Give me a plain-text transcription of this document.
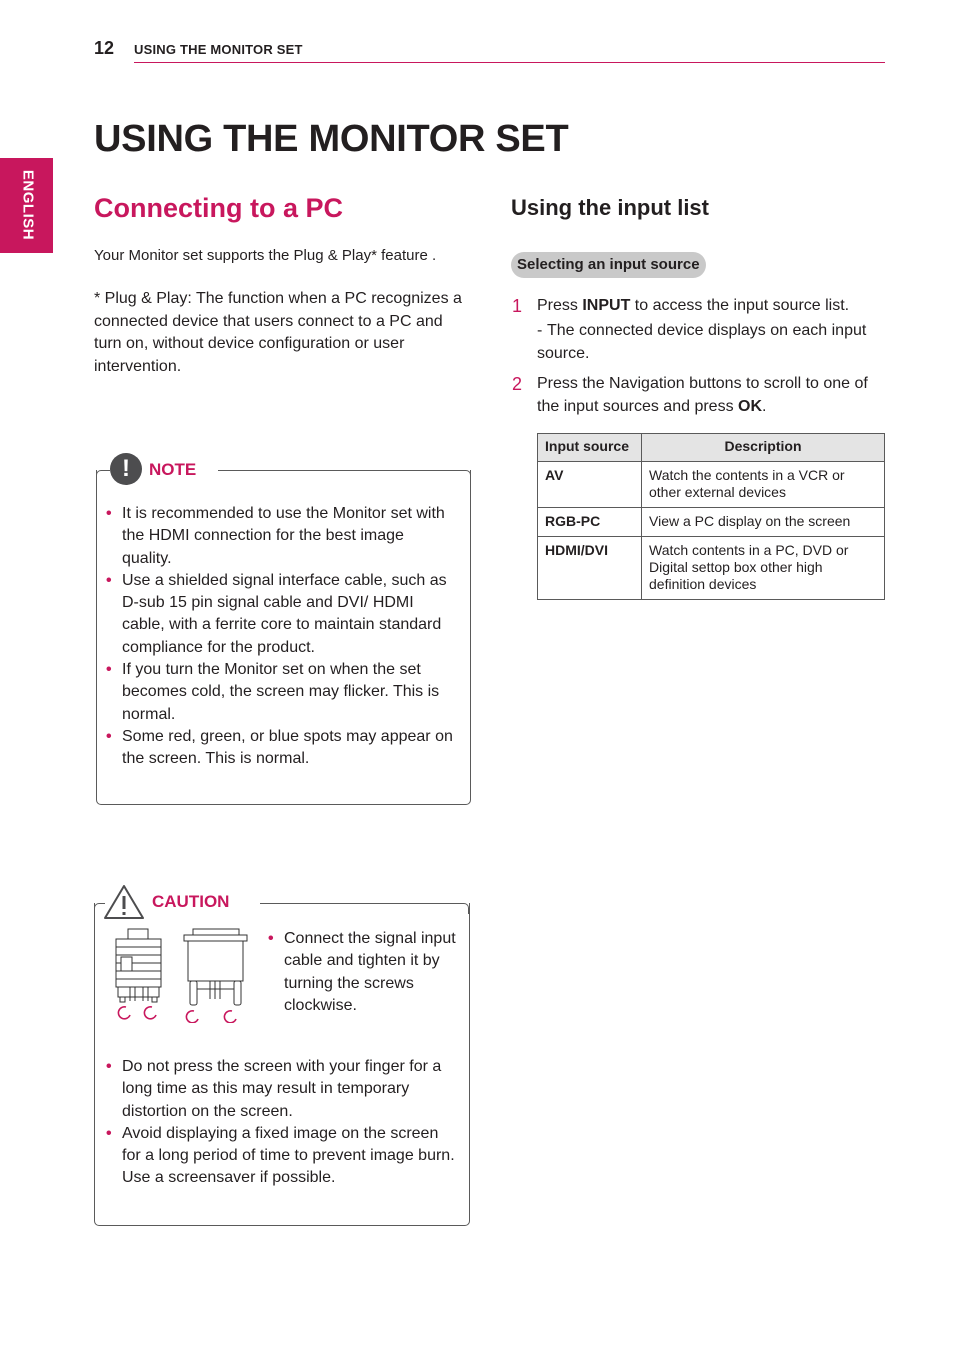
12 USING THE MONITOR SET
ENGLISH
USING THE MONITOR SET
Connecting to a PC
Your Monitor set supports the Plug & Play* feature .
* Plug & Play: The function when a PC recognizes a connected device that users connect to a PC and turn on, without device configuration or user intervention.
!	NOTE
• It is recommended to use the Monitor set with the HDMI connection for the best image quality.
• Use a shielded signal interface cable, such as D-sub 15 pin signal cable and DVI/ HDMI cable, with a ferrite core to maintain standard compliance for the product.
• If you turn the Monitor set on when the set becomes cold, the screen may flicker. This is normal.
• Some red, green, or blue spots may appear on the screen. This is normal.
CAUTION
• Connect the signal input cable and tighten it by turning the screws clockwise.
• Do not press the screen with your finger for a long time as this may result in temporary distortion on the screen.
• Avoid displaying a fixed image on the screen for a long period of time to prevent image burn. Use a screensaver if possible.
Using the input list
Selecting an input source
1 Press INPUT to access the input source list.
- The connected device displays on each input source.
2 Press the Navigation buttons to scroll to one of the input sources and press OK.
Input source	Description
AV	Watch the contents in a VCR or other external devices
RGB-PC	View a PC display on the screen
HDMI/DVI	Watch contents in a PC, DVD or Digital settop box other high definition devices
